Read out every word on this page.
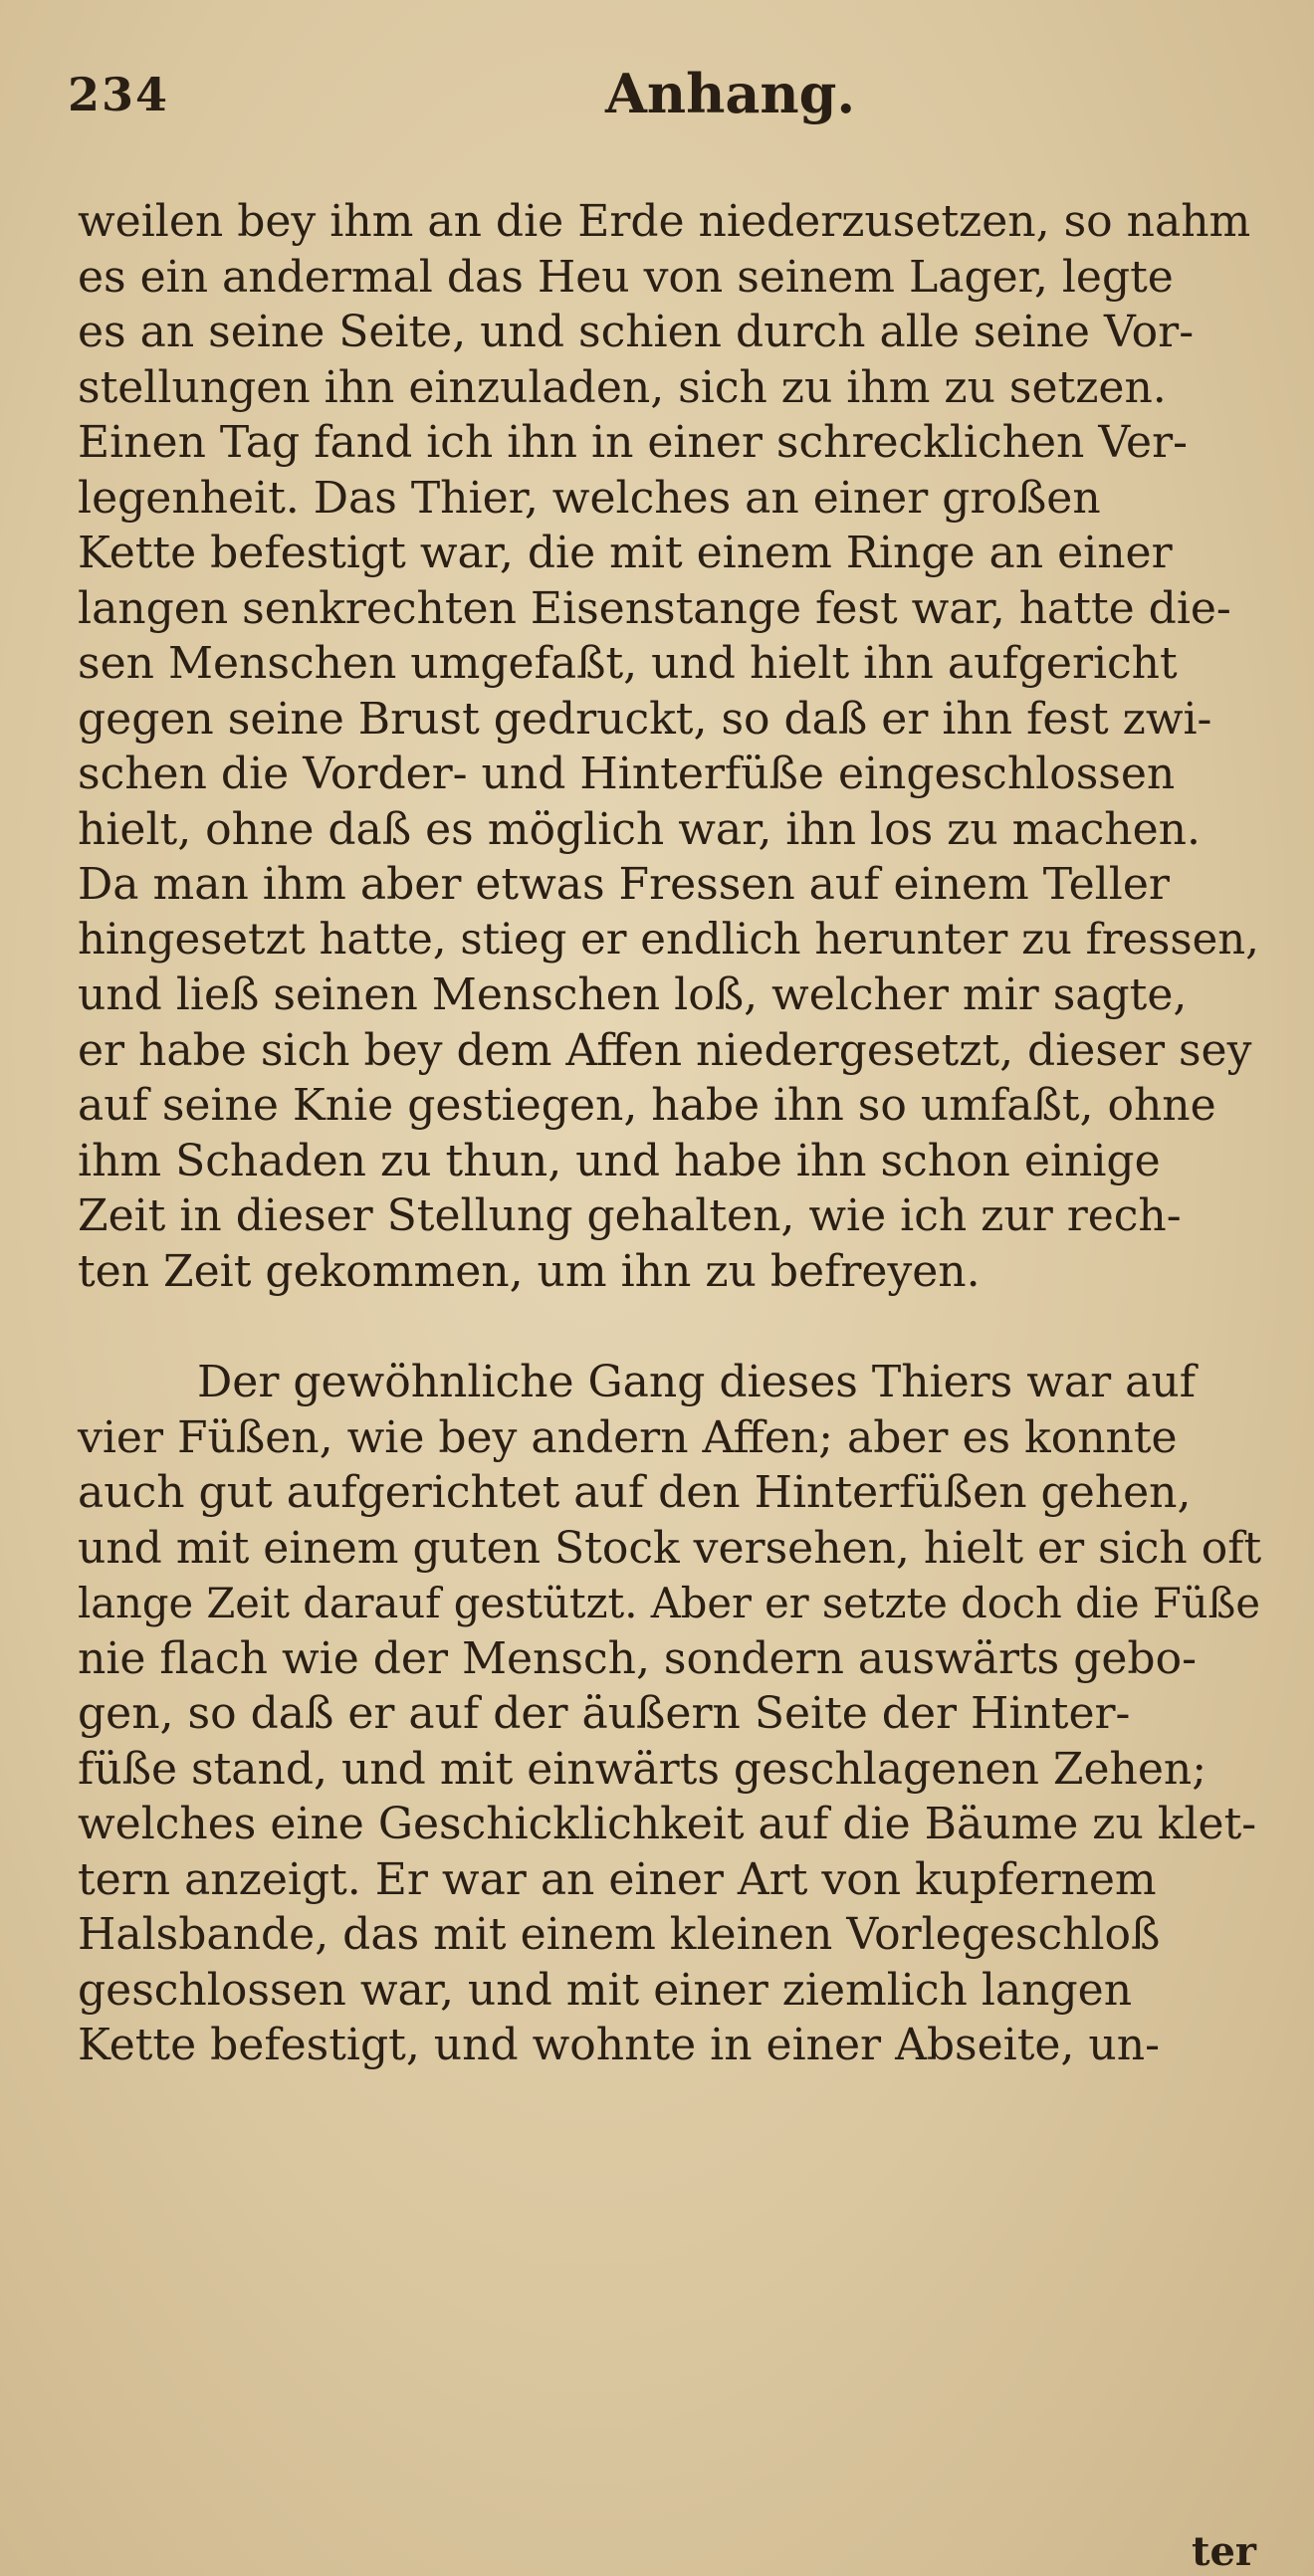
234	Anhang.
weilen bey ihm an die Erde niederzusetzen, so nahm
es ein andermal das Heu von seinem Lager, legte
es an seine Seite, und schien durch alle seine Vor-
stellungen ihn einzuladen, sich zu ihm zu setzen.
Einen Tag fand ich ihn in einer schrecklichen Ver-
legenheit. Das Thier, welches an einer großen
Kette befestigt war, die mit einem Ringe an einer
langen senkrechten Eisenstange fest war, hatte die-
sen Menschen umgefaßt, und hielt ihn aufgericht
gegen seine Brust gedruckt, so daß er ihn fest zwi-
schen die Vorder- und Hinterfüße eingeschlossen
hielt, ohne daß es möglich war, ihn los zu machen.
Da man ihm aber etwas Fressen auf einem Teller
hingesetzt hatte, stieg er endlich herunter zu fressen,
und ließ seinen Menschen loß, welcher mir sagte,
er habe sich bey dem Affen niedergesetzt, dieser sey
auf seine Knie gestiegen, habe ihn so umfaßt, ohne
ihm Schaden zu thun, und habe ihn schon einige
Zeit in dieser Stellung gehalten, wie ich zur rech-
ten Zeit gekommen, um ihn zu befreyen.
Der gewöhnliche Gang dieses Thiers war auf
vier Füßen, wie bey andern Affen; aber es konnte
auch gut aufgerichtet auf den Hinterfüßen gehen,
und mit einem guten Stock versehen, hielt er sich oft
lange Zeit darauf gestützt. Aber er setzte doch die Füße
nie flach wie der Mensch, sondern auswärts gebo-
gen, so daß er auf der äußern Seite der Hinter-
füße stand, und mit einwärts geschlagenen Zehen;
welches eine Geschicklichkeit auf die Bäume zu klet-
tern anzeigt. Er war an einer Art von kupfernem
Halsbande, das mit einem kleinen Vorlegeschloß
geschlossen war, und mit einer ziemlich langen
Kette befestigt, und wohnte in einer Abseite, un-
ter
